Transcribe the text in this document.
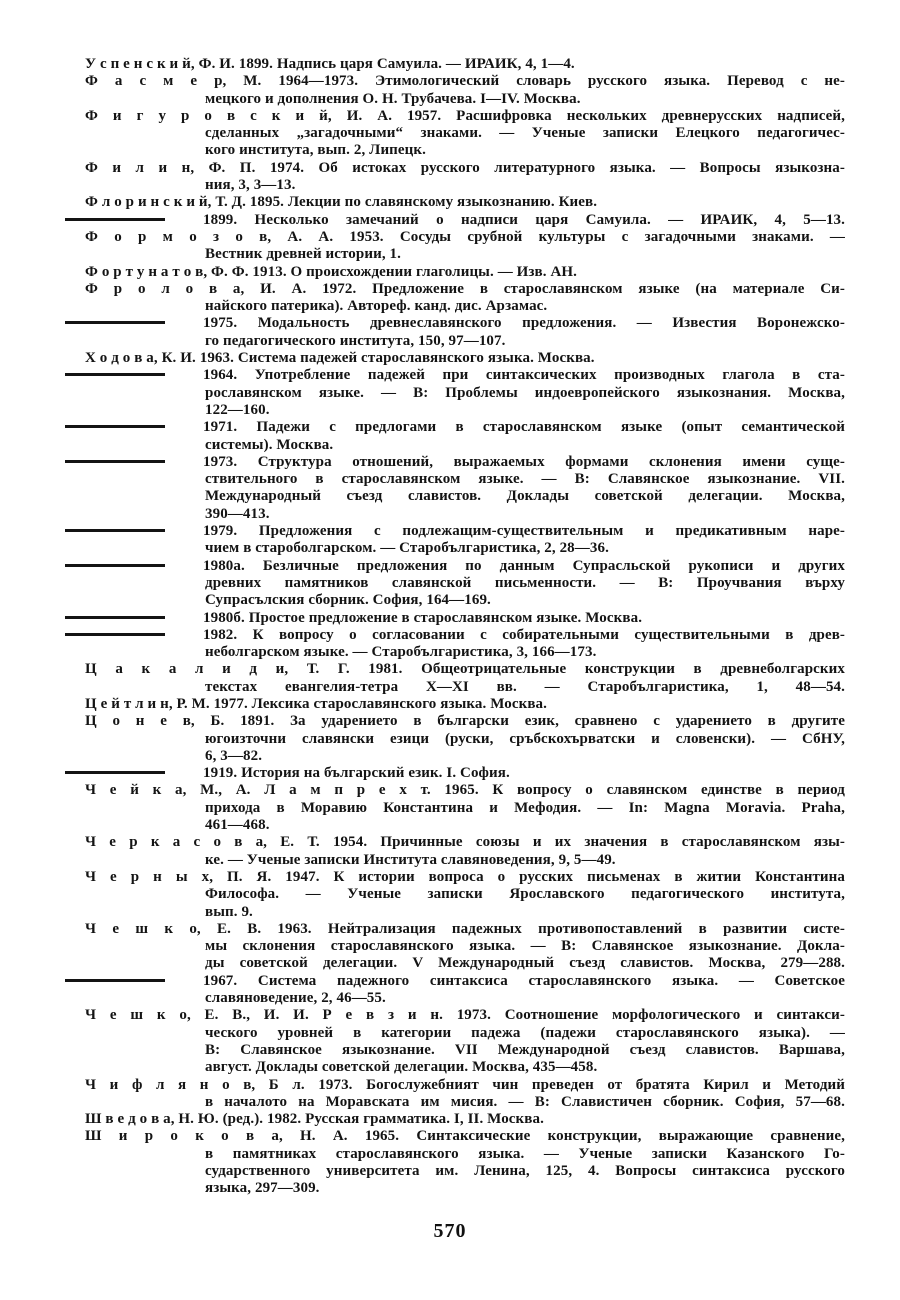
У с п е н с к и й, Ф. И. 1899. Надпись царя Самуила. — ИРАИК, 4, 1—4.

Ф а с м е р, М. 1964—1973. Этимологический словарь русского языка. Перевод с не-
мецкого и дополнения О. Н. Трубачева. I—IV. Москва.

Ф и г у р о в с к и й, И. А. 1957. Расшифровка нескольких древнерусских надписей,
сделанных „загадочными“ знаками. — Ученые записки Елецкого педагогичес-
кого института, вып. 2, Липецк.

Ф и л и н, Ф. П. 1974. Об истоках русского литературного языка. — Вопросы языкозна-
ния, 3, 3—13.

Ф л о р и н с к и й, Т. Д. 1895. Лекции по славянскому языкознанию. Киев.

1899. Несколько замечаний о надписи царя Самуила. — ИРАИК, 4, 5—13.

Ф о р м о з о в, А. А. 1953. Сосуды срубной культуры с загадочными знаками. —
Вестник древней истории, 1.

Ф о р т у н а т о в, Ф. Ф. 1913. О происхождении глаголицы. — Изв. АН.

Ф р о л о в а, И. А. 1972. Предложение в старославянском языке (на материале Си-
найского патерика). Автореф. канд. дис. Арзамас.

1975. Модальность древнеславянского предложения. — Известия Воронежско-
го педагогического института, 150, 97—107.

Х о д о в а, К. И. 1963. Система падежей старославянского языка. Москва.

1964. Употребление падежей при синтаксических производных глагола в ста-
рославянском языке. — В: Проблемы индоевропейского языкознания. Москва,
122—160.

1971. Падежи с предлогами в старославянском языке (опыт семантической
системы). Москва.

1973. Структура отношений, выражаемых формами склонения имени суще-
ствительного в старославянском языке. — В: Славянское языкознание. VII.
Международный съезд славистов. Доклады советской делегации. Москва,
390—413.

1979. Предложения с подлежащим-существительным и предикативным наре-
чием в староболгарском. — Старобългаристика, 2, 28—36.

1980а. Безличные предложения по данным Супрасльской рукописи и других
древних памятников славянской письменности. — В: Проучвания върху
Супрасълския сборник. София, 164—169.

1980б. Простое предложение в старославянском языке. Москва.

1982. К вопросу о согласовании с собирательными существительными в древ-
неболгарском языке. — Старобългаристика, 3, 166—173.

Ц а к а л и д и, Т. Г. 1981. Общеотрицательные конструкции в древнеболгарских
текстах евангелия-тетра X—XI вв. — Старобългаристика, 1, 48—54.

Ц е й т л и н, Р. М. 1977. Лексика старославянского языка. Москва.

Ц о н е в, Б. 1891. За ударението в български език, сравнено с ударението в другите
югоизточни славянски езици (руски, сръбскохърватски и словенски). — СбНУ,
6, 3—82.

1919. История на българский език. I. София.

Ч е й к а, М., А. Л а м п р е х т. 1965. К вопросу о славянском единстве в период
прихода в Моравию Константина и Мефодия. — In: Magna Moravia. Praha,
461—468.

Ч е р к а с о в а, Е. Т. 1954. Причинные союзы и их значения в старославянском язы-
ке. — Ученые записки Института славяноведения, 9, 5—49.

Ч е р н ы х, П. Я. 1947. К истории вопроса о русских письменах в житии Константина
Философа. — Ученые записки Ярославского педагогического института,
вып. 9.

Ч е ш к о, Е. В. 1963. Нейтрализация падежных противопоставлений в развитии систе-
мы склонения старославянского языка. — В: Славянское языкознание. Докла-
ды советской делегации. V Международный съезд славистов. Москва, 279—288.

1967. Система падежного синтаксиса старославянского языка. — Советское
славяноведение, 2, 46—55.

Ч е ш к о, Е. В., И. И. Р е в з и н. 1973. Соотношение морфологического и синтакси-
ческого уровней в категории падежа (падежи старославянского языка). —
В: Славянское языкознание. VII Международной съезд славистов. Варшава,
август. Доклады советской делегации. Москва, 435—458.

Ч и ф л я н о в, Б л. 1973. Богослужебният чин преведен от братята Кирил и Методий
в началото на Моравската им мисия. — В: Славистичен сборник. София, 57—68.

Ш в е д о в а, Н. Ю. (ред.). 1982. Русская грамматика. I, II. Москва.

Ш и р о к о в а, Н. А. 1965. Синтаксические конструкции, выражающие сравнение,
в памятниках старославянского языка. — Ученые записки Казанского Го-
сударственного университета им. Ленина, 125, 4. Вопросы синтаксиса русского
языка, 297—309.

570
